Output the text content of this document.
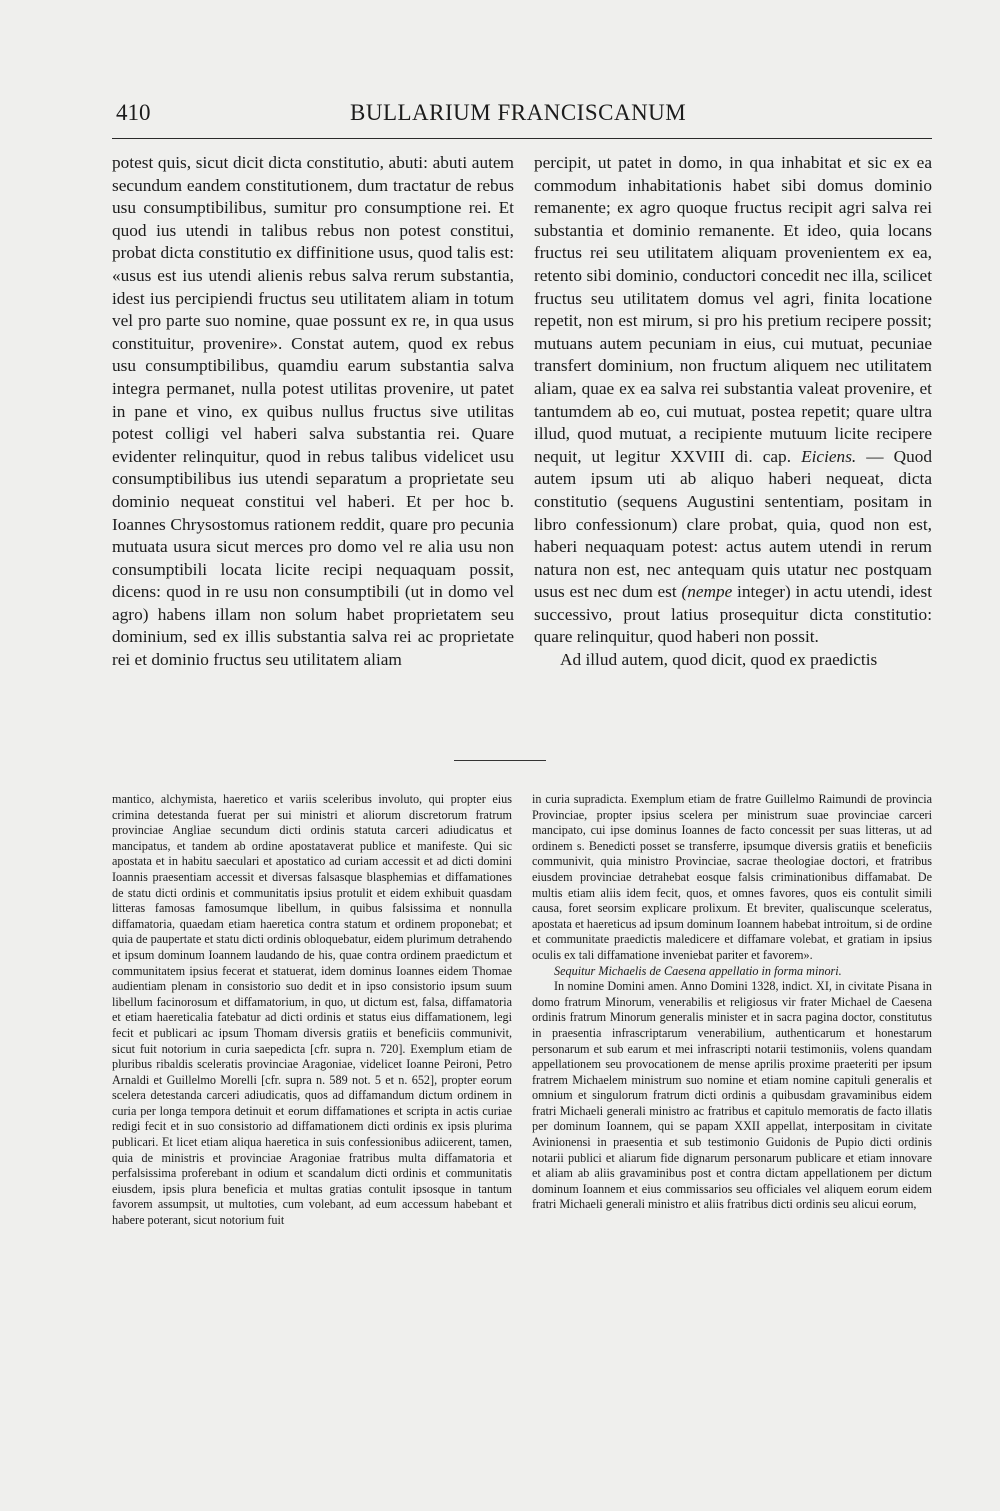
410	BULLARIUM FRANCISCANUM

potest quis, sicut dicit dicta constitutio, abuti: abuti autem secundum eandem constitutionem, dum tractatur de rebus usu consumptibilibus, sumitur pro consumptione rei. Et quod ius utendi in talibus rebus non potest constitui, probat dicta constitutio ex diffinitione usus, quod talis est: «usus est ius utendi alienis rebus salva rerum substantia, idest ius percipiendi fructus seu utilitatem aliam in totum vel pro parte suo nomine, quae possunt ex re, in qua usus constituitur, provenire». Constat autem, quod ex rebus usu consumptibilibus, quamdiu earum substantia salva integra permanet, nulla potest utilitas provenire, ut patet in pane et vino, ex quibus nullus fructus sive utilitas potest colligi vel haberi salva substantia rei. Quare evidenter relinquitur, quod in rebus talibus videlicet usu consumptibilibus ius utendi separatum a proprietate seu dominio nequeat constitui vel haberi. Et per hoc b. Ioannes Chrysostomus rationem reddit, quare pro pecunia mutuata usura sicut merces pro domo vel re alia usu non consumptibili locata licite recipi nequaquam possit, dicens: quod in re usu non consumptibili (ut in domo vel agro) habens illam non solum habet proprietatem seu dominium, sed ex illis substantia salva rei ac proprietate rei et dominio fructus seu utilitatem aliam

percipit, ut patet in domo, in qua inhabitat et sic ex ea commodum inhabitationis habet sibi domus dominio remanente; ex agro quoque fructus recipit agri salva rei substantia et dominio remanente. Et ideo, quia locans fructus rei seu utilitatem aliquam provenientem ex ea, retento sibi dominio, conductori concedit nec illa, scilicet fructus seu utilitatem domus vel agri, finita locatione repetit, non est mirum, si pro his pretium recipere possit; mutuans autem pecuniam in eius, cui mutuat, pecuniae transfert dominium, non fructum aliquem nec utilitatem aliam, quae ex ea salva rei substantia valeat provenire, et tantumdem ab eo, cui mutuat, postea repetit; quare ultra illud, quod mutuat, a recipiente mutuum licite recipere nequit, ut legitur XXVIII di. cap. Eiciens. — Quod autem ipsum uti ab aliquo haberi nequeat, dicta constitutio (sequens Augustini sententiam, positam in libro confessionum) clare probat, quia, quod non est, haberi nequaquam potest: actus autem utendi in rerum natura non est, nec antequam quis utatur nec postquam usus est nec dum est (nempe integer) in actu utendi, idest successivo, prout latius prosequitur dicta constitutio: quare relinquitur, quod haberi non possit.

Ad illud autem, quod dicit, quod ex praedictis

mantico, alchymista, haeretico et variis sceleribus involuto, qui propter eius crimina detestanda fuerat per sui ministri et aliorum discretorum fratrum provinciae Angliae secundum dicti ordinis statuta carceri adiudicatus et mancipatus, et tandem ab ordine apostataverat publice et manifeste. Qui sic apostata et in habitu saeculari et apostatico ad curiam accessit et ad dicti domini Ioannis praesentiam accessit et diversas falsasque blasphemias et diffamationes de statu dicti ordinis et communitatis ipsius protulit et eidem exhibuit quasdam litteras famosas famosumque libellum, in quibus falsissima et nonnulla diffamatoria, quaedam etiam haeretica contra statum et ordinem proponebat; et quia de paupertate et statu dicti ordinis obloquebatur, eidem plurimum detrahendo et ipsum dominum Ioannem laudando de his, quae contra ordinem praedictum et communitatem ipsius fecerat et statuerat, idem dominus Ioannes eidem Thomae audientiam plenam in consistorio suo dedit et in ipso consistorio ipsum suum libellum facinorosum et diffamatorium, in quo, ut dictum est, falsa, diffamatoria et etiam haereticalia fatebatur ad dicti ordinis et status eius diffamationem, legi fecit et publicari ac ipsum Thomam diversis gratiis et beneficiis communivit, sicut fuit notorium in curia saepedicta [cfr. supra n. 720]. Exemplum etiam de pluribus ribaldis sceleratis provinciae Aragoniae, videlicet Ioanne Peironi, Petro Arnaldi et Guillelmo Morelli [cfr. supra n. 589 not. 5 et n. 652], propter eorum scelera detestanda carceri adiudicatis, quos ad diffamandum dictum ordinem in curia per longa tempora detinuit et eorum diffamationes et scripta in actis curiae redigi fecit et in suo consistorio ad diffamationem dicti ordinis ex ipsis plurima publicari. Et licet etiam aliqua haeretica in suis confessionibus adiicerent, tamen, quia de ministris et provinciae Aragoniae fratribus multa diffamatoria et perfalsissima proferebant in odium et scandalum dicti ordinis et communitatis eiusdem, ipsis plura beneficia et multas gratias contulit ipsosque in tantum favorem assumpsit, ut multoties, cum volebant, ad eum accessum habebant et habere poterant, sicut notorium fuit

in curia supradicta. Exemplum etiam de fratre Guillelmo Raimundi de provincia Provinciae, propter ipsius scelera per ministrum suae provinciae carceri mancipato, cui ipse dominus Ioannes de facto concessit per suas litteras, ut ad ordinem s. Benedicti posset se transferre, ipsumque diversis gratiis et beneficiis communivit, quia ministro Provinciae, sacrae theologiae doctori, et fratribus eiusdem provinciae detrahebat eosque falsis criminationibus diffamabat. De multis etiam aliis idem fecit, quos, et omnes favores, quos eis contulit simili causa, foret seorsim explicare prolixum. Et breviter, qualiscunque sceleratus, apostata et haereticus ad ipsum dominum Ioannem habebat introitum, si de ordine et communitate praedictis maledicere et diffamare volebat, et gratiam in ipsius oculis ex tali diffamatione inveniebat pariter et favorem».

Sequitur Michaelis de Caesena appellatio in forma minori.

In nomine Domini amen. Anno Domini 1328, indict. XI, in civitate Pisana in domo fratrum Minorum, venerabilis et religiosus vir frater Michael de Caesena ordinis fratrum Minorum generalis minister et in sacra pagina doctor, constitutus in praesentia infrascriptarum venerabilium, authenticarum et honestarum personarum et sub earum et mei infrascripti notarii testimoniis, volens quandam appellationem seu provocationem de mense aprilis proxime praeteriti per ipsum fratrem Michaelem ministrum suo nomine et etiam nomine capituli generalis et omnium et singulorum fratrum dicti ordinis a quibusdam gravaminibus eidem fratri Michaeli generali ministro ac fratribus et capitulo memoratis de facto illatis per dominum Ioannem, qui se papam XXII appellat, interpositam in civitate Avinionensi in praesentia et sub testimonio Guidonis de Pupio dicti ordinis notarii publici et aliarum fide dignarum personarum publicare et etiam innovare et aliam ab aliis gravaminibus post et contra dictam appellationem per dictum dominum Ioannem et eius commissarios seu officiales vel aliquem eorum eidem fratri Michaeli generali ministro et aliis fratribus dicti ordinis seu alicui eorum,
